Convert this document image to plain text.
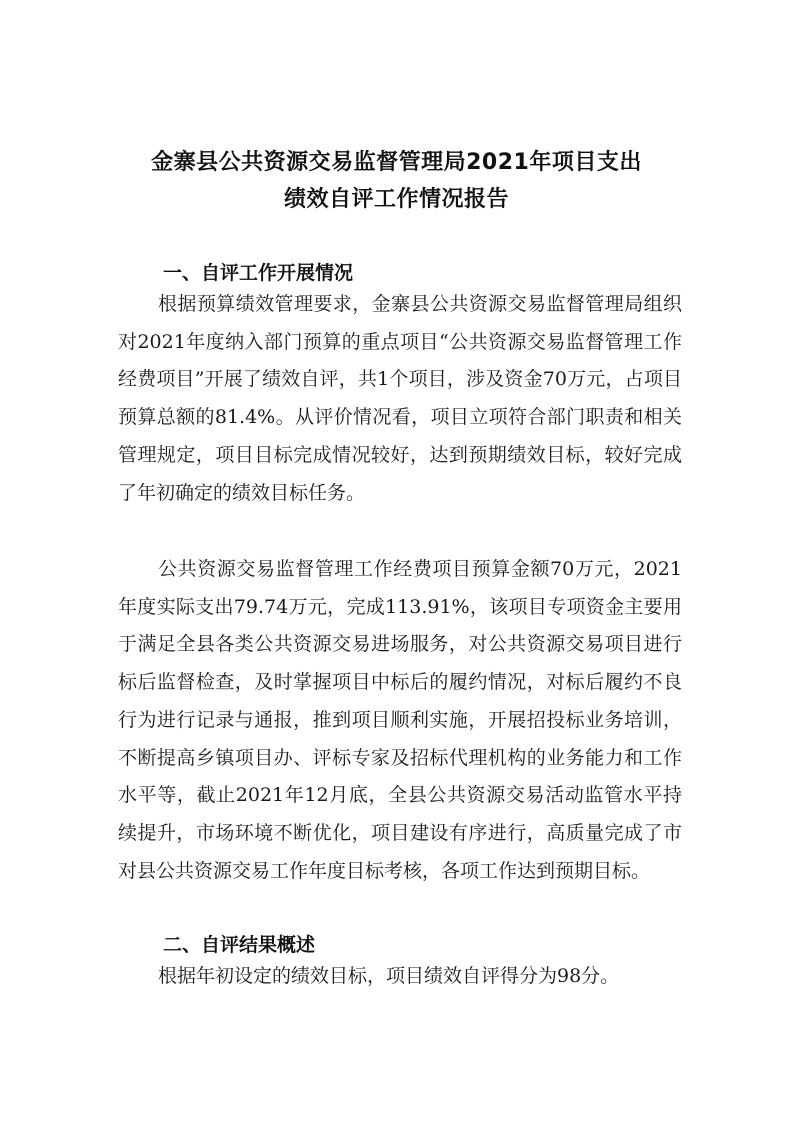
金寨县公共资源交易监督管理局2021年项目支出
绩效自评工作情况报告
一、自评工作开展情况

根据预算绩效管理要求，金寨县公共资源交易监督管理局组织对2021年度纳入部门预算的重点项目“公共资源交易监督管理工作经费项目”开展了绩效自评，共1个项目，涉及资金70万元，占项目预算总额的81.4%。从评价情况看，项目立项符合部门职责和相关管理规定，项目目标完成情况较好，达到预期绩效目标，较好完成了年初确定的绩效目标任务。

公共资源交易监督管理工作经费项目预算金额70万元，2021年度实际支出79.74万元，完成113.91%，该项目专项资金主要用于满足全县各类公共资源交易进场服务，对公共资源交易项目进行标后监督检查，及时掌握项目中标后的履约情况，对标后履约不良行为进行记录与通报，推到项目顺利实施，开展招投标业务培训，不断提高乡镇项目办、评标专家及招标代理机构的业务能力和工作水平等，截止2021年12月底，全县公共资源交易活动监管水平持续提升，市场环境不断优化，项目建设有序进行，高质量完成了市对县公共资源交易工作年度目标考核，各项工作达到预期目标。

二、自评结果概述

根据年初设定的绩效目标，项目绩效自评得分为98分。
